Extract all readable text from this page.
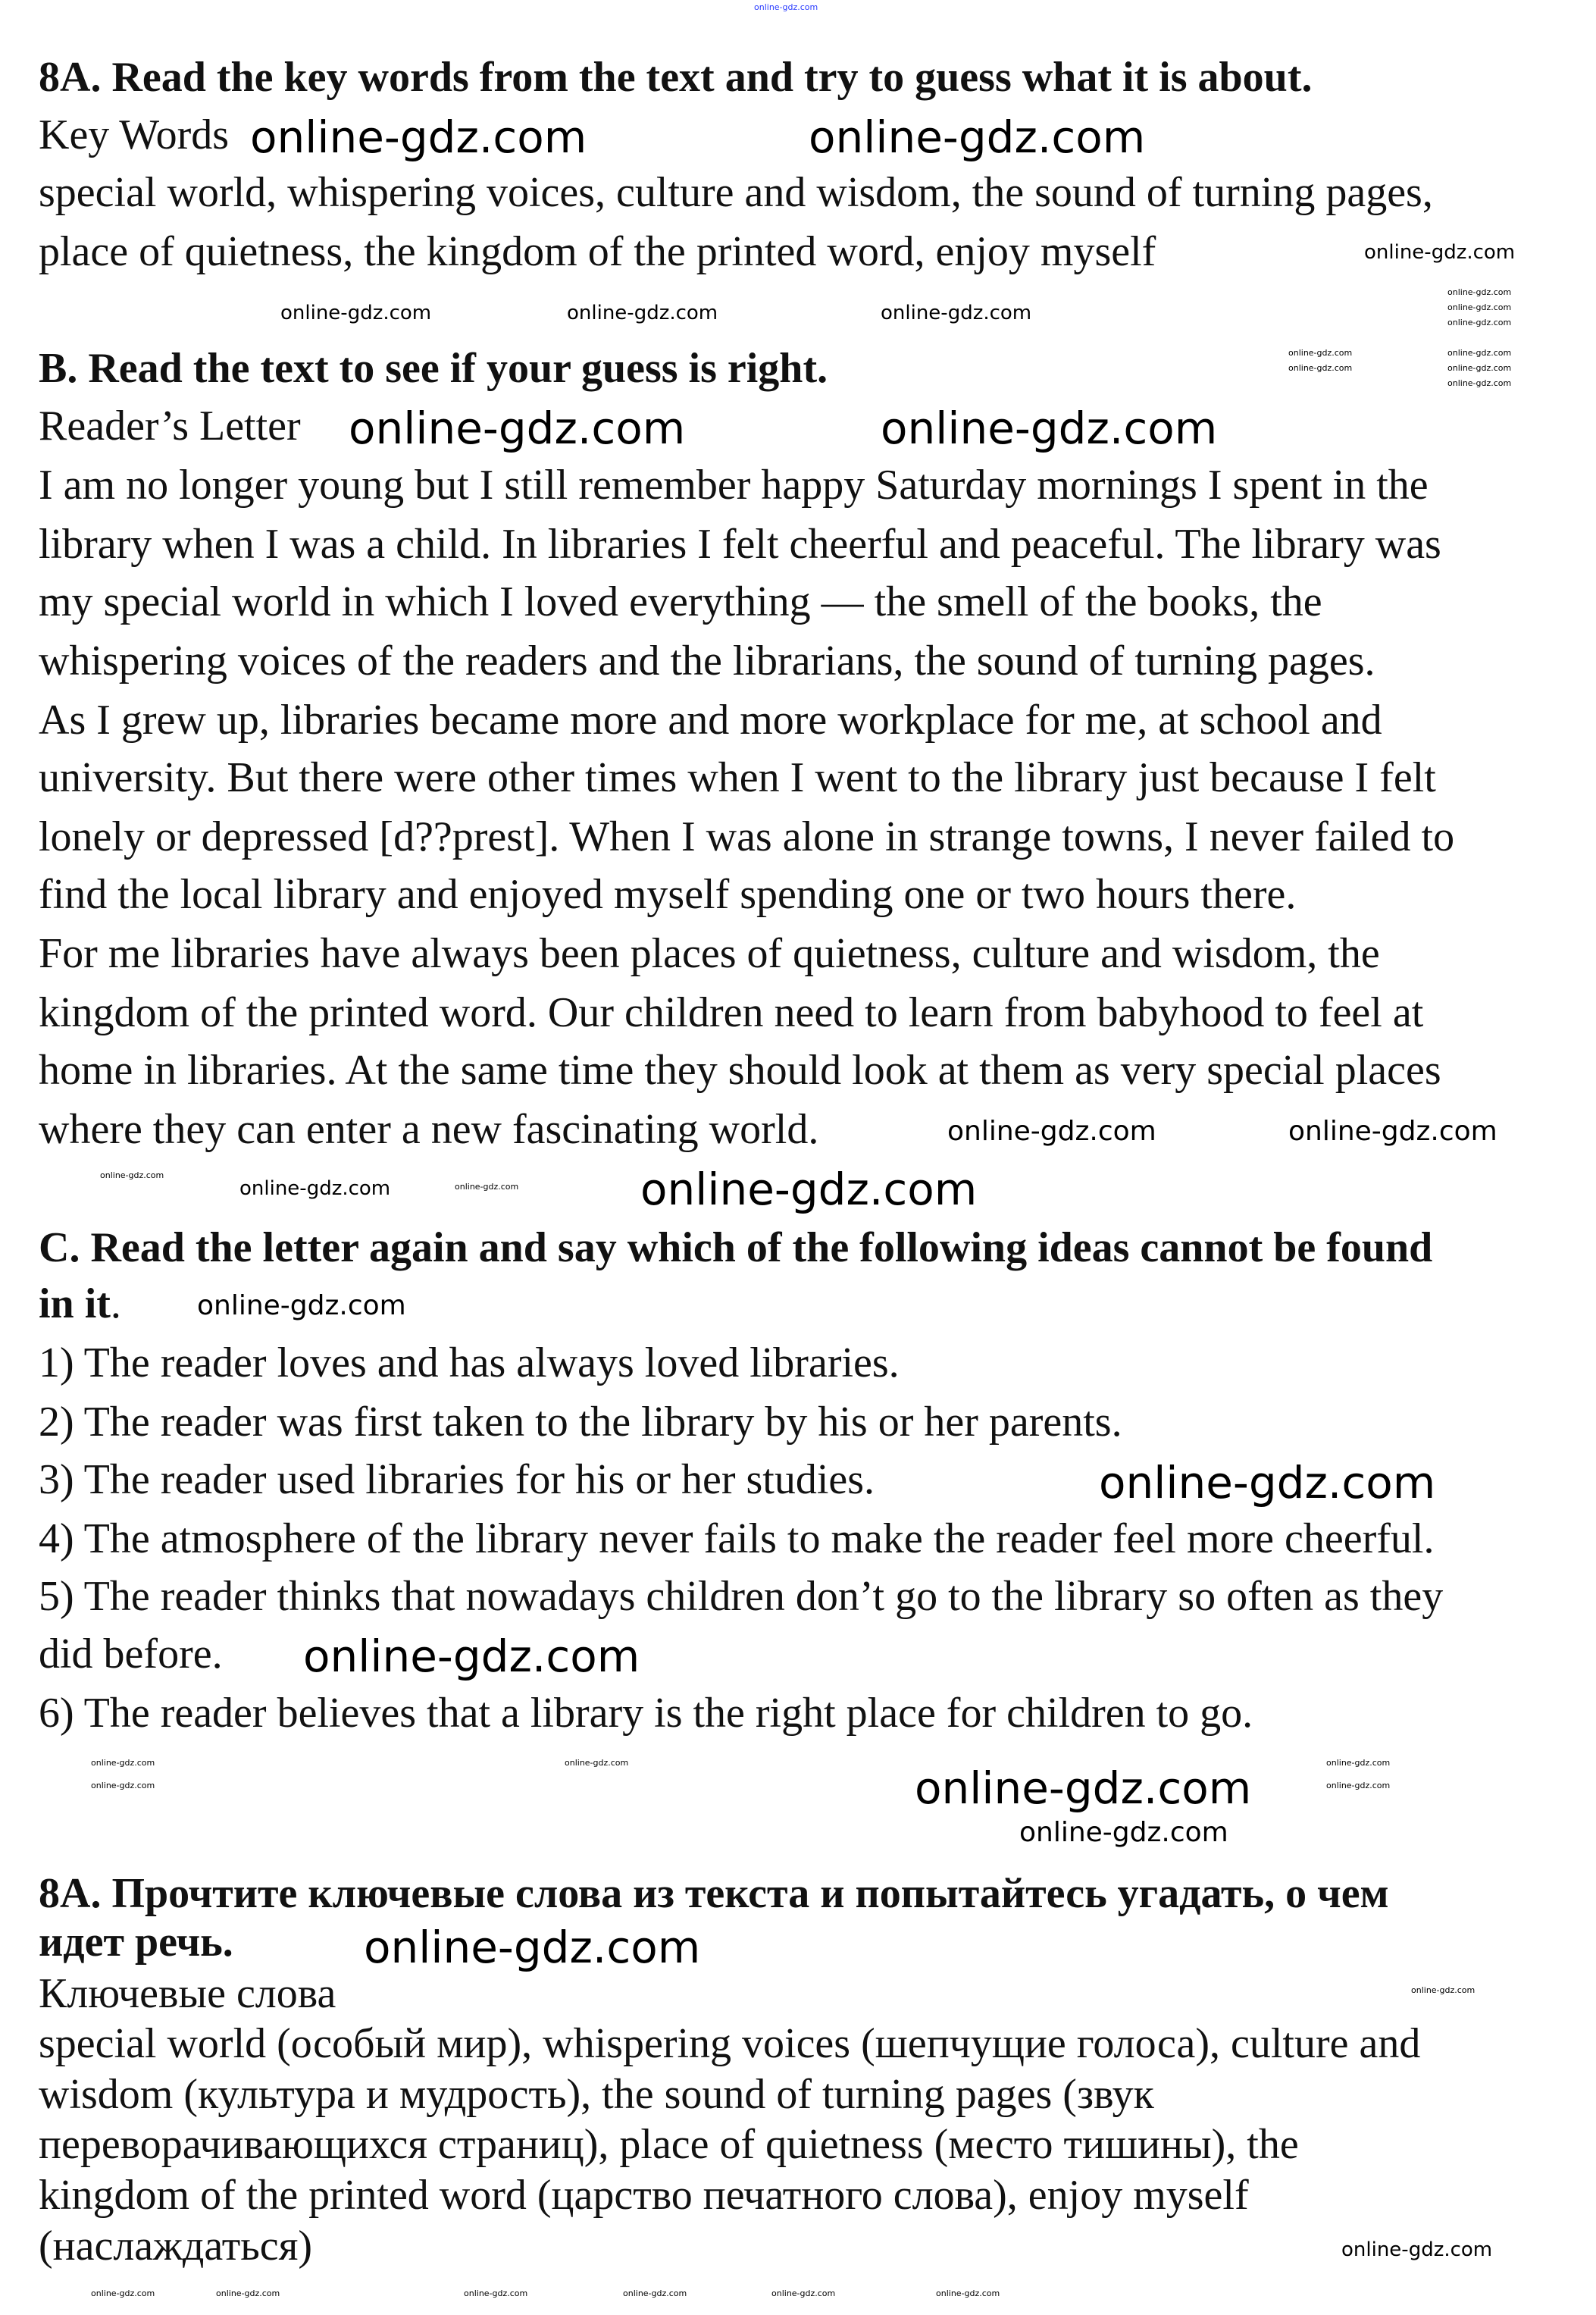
online-gdz.com
8A. Read the key words from the text and try to guess what it is about.
Key Words
special world, whispering voices, culture and wisdom, the sound of turning pages,
place of quietness, the kingdom of the printed word, enjoy myself
B. Read the text to see if your guess is right.
Reader’s Letter
I am no longer young but I still remember happy Saturday mornings I spent in the
library when I was a child. In libraries I felt cheerful and peaceful. The library was
my special world in which I loved everything — the smell of the books, the
whispering voices of the readers and the librarians, the sound of turning pages.
As I grew up, libraries became more and more workplace for me, at school and
university. But there were other times when I went to the library just because I felt
lonely or depressed [d??prest]. When I was alone in strange towns, I never failed to
find the local library and enjoyed myself spending one or two hours there.
For me libraries have always been places of quietness, culture and wisdom, the
kingdom of the printed word. Our children need to learn from babyhood to feel at
home in libraries. At the same time they should look at them as very special places
where they can enter a new fascinating world.
C. Read the letter again and say which of the following ideas cannot be found
in it.
1) The reader loves and has always loved libraries.
2) The reader was first taken to the library by his or her parents.
3) The reader used libraries for his or her studies.
4) The atmosphere of the library never fails to make the reader feel more cheerful.
5) The reader thinks that nowadays children don’t go to the library so often as they
did before.
6) The reader believes that a library is the right place for children to go.
8A. Прочтите ключевые слова из текста и попытайтесь угадать, о чем
идет речь.
Ключевые слова
special world (особый мир), whispering voices (шепчущие голоса), culture and
wisdom (культура и мудрость), the sound of turning pages (звук
переворачивающихся страниц), place of quietness (место тишины), the
kingdom of the printed word (царство печатного слова), enjoy myself
(наслаждаться)
online-gdz.com	online-gdz.com
online-gdz.com	online-gdz.com
online-gdz.com
online-gdz.com
online-gdz.com
online-gdz.com
online-gdz.com
online-gdz.com
online-gdz.com
online-gdz.com
online-gdz.com
online-gdz.com
online-gdz.com	online-gdz.com	online-gdz.com
online-gdz.com
online-gdz.com
online-gdz.com
online-gdz.com
online-gdz.com
online-gdz.com
online-gdz.com
online-gdz.com
online-gdz.com
online-gdz.com
online-gdz.com
online-gdz.com
online-gdz.com
online-gdz.com
online-gdz.com
online-gdz.com
online-gdz.com
online-gdz.com
online-gdz.com	online-gdz.com	online-gdz.com	online-gdz.com	online-gdz.com
online-gdz.com
